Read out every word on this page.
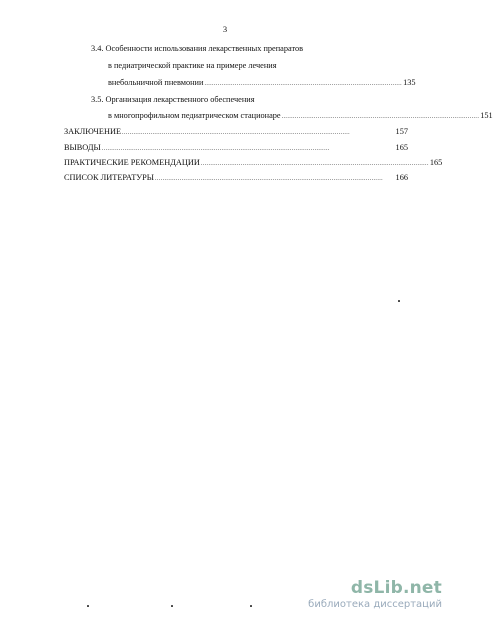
3
3.4. Особенности использования лекарственных препаратов
в педиатрической практике на примере лечения
внебольничной пневмонии ........................................................................................................ 135
3.5. Организация лекарственного обеспечения
в многопрофильном педиатрическом стационаре ........................................................................................................ 151
ЗАКЛЮЧЕНИЕ ........................................................................................................................	157
ВЫВОДЫ ........................................................................................................................	165
ПРАКТИЧЕСКИЕ РЕКОМЕНДАЦИИ ........................................................................................................................ 165
СПИСОК ЛИТЕРАТУРЫ ........................................................................................................................	166
dsLib.net
библиотека диссертаций
